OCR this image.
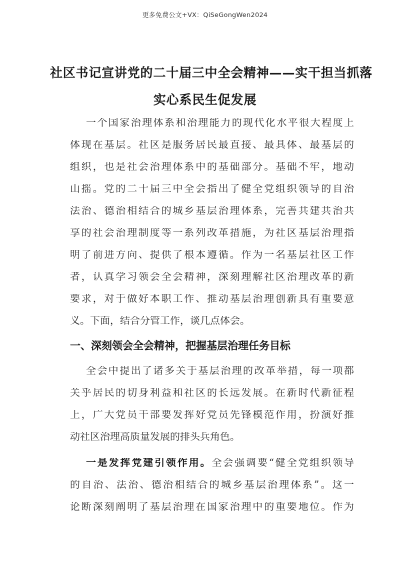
更多免费公文+VX：QiSeGongWen2024
社区书记宣讲党的二十届三中全会精神——实干担当抓落
实心系民生促发展
一个国家治理体系和治理能力的现代化水平很大程度上
体现在基层。社区是服务居民最直接、最具体、最基层的
组织，也是社会治理体系中的基础部分。基础不牢，地动
山摇。党的二十届三中全会指出了健全党组织领导的自治
法治、德治相结合的城乡基层治理体系，完善共建共治共
享的社会治理制度等一系列改革措施，为社区基层治理指
明了前进方向、提供了根本遵循。作为一名基层社区工作
者，认真学习领会全会精神，深刻理解社区治理改革的新
要求，对于做好本职工作、推动基层治理创新具有重要意
义。下面，结合分管工作，谈几点体会。
一、深刻领会全会精神，把握基层治理任务目标
全会中提出了诸多关于基层治理的改革举措，每一项都
关乎居民的切身利益和社区的长远发展。在新时代新征程
上，广大党员干部要发挥好党员先锋模范作用，扮演好推
动社区治理高质量发展的排头兵角色。
一是发挥党建引领作用。全会强调要“健全党组织领导
的自治、法治、德治相结合的城乡基层治理体系”。这一
论断深刻阐明了基层治理在国家治理中的重要地位。作为
